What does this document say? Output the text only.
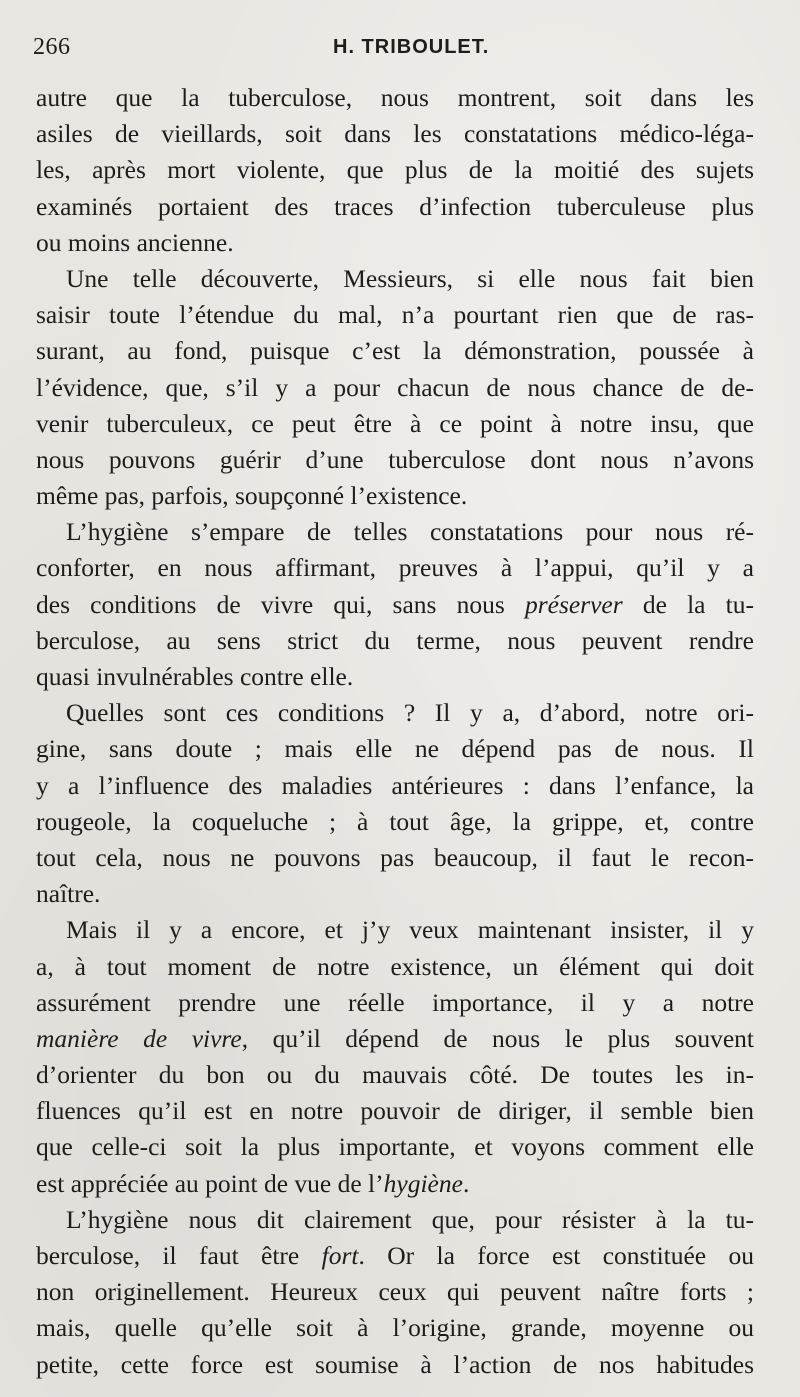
266	H. TRIBOULET.
autre que la tuberculose, nous montrent, soit dans les
asiles de vieillards, soit dans les constatations médico-léga-
les, après mort violente, que plus de la moitié des sujets
examinés portaient des traces d’infection tuberculeuse plus
ou moins ancienne.
Une telle découverte, Messieurs, si elle nous fait bien
saisir toute l’étendue du mal, n’a pourtant rien que de ras-
surant, au fond, puisque c’est la démonstration, poussée à
l’évidence, que, s’il y a pour chacun de nous chance de de-
venir tuberculeux, ce peut être à ce point à notre insu, que
nous pouvons guérir d’une tuberculose dont nous n’avons
même pas, parfois, soupçonné l’existence.
L’hygiène s’empare de telles constatations pour nous ré-
conforter, en nous affirmant, preuves à l’appui, qu’il y a
des conditions de vivre qui, sans nous préserver de la tu-
berculose, au sens strict du terme, nous peuvent rendre
quasi invulnérables contre elle.
Quelles sont ces conditions ? Il y a, d’abord, notre ori-
gine, sans doute ; mais elle ne dépend pas de nous. Il
y a l’influence des maladies antérieures : dans l’enfance, la
rougeole, la coqueluche ; à tout âge, la grippe, et, contre
tout cela, nous ne pouvons pas beaucoup, il faut le recon-
naître.
Mais il y a encore, et j’y veux maintenant insister, il y
a, à tout moment de notre existence, un élément qui doit
assurément prendre une réelle importance, il y a notre
manière de vivre, qu’il dépend de nous le plus souvent
d’orienter du bon ou du mauvais côté. De toutes les in-
fluences qu’il est en notre pouvoir de diriger, il semble bien
que celle-ci soit la plus importante, et voyons comment elle
est appréciée au point de vue de l’hygiène.
L’hygiène nous dit clairement que, pour résister à la tu-
berculose, il faut être fort. Or la force est constituée ou
non originellement. Heureux ceux qui peuvent naître forts ;
mais, quelle qu’elle soit à l’origine, grande, moyenne ou
petite, cette force est soumise à l’action de nos habitudes
